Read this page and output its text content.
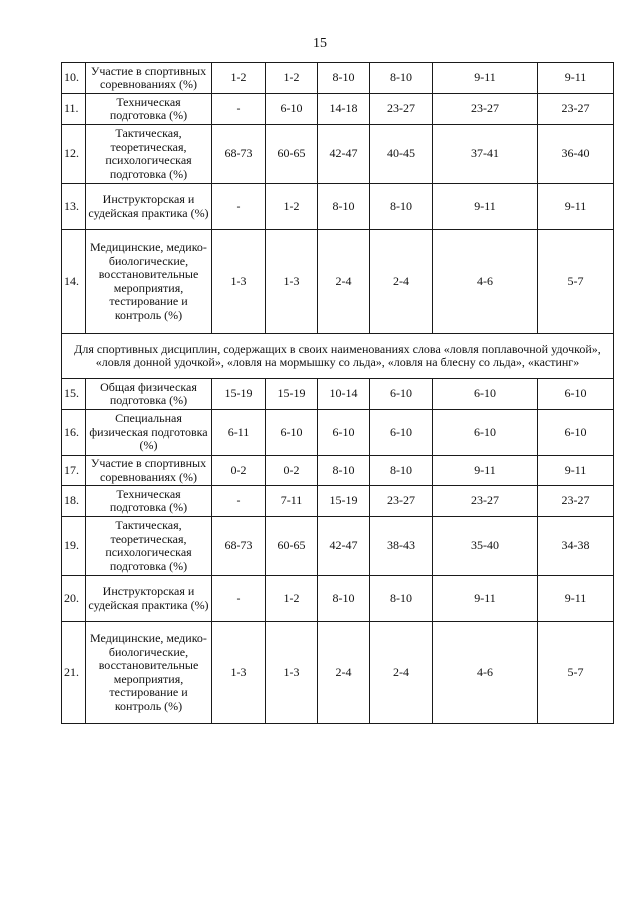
15
10.	Участие в спортивных соревнованиях (%)	1-2	1-2	8-10	8-10	9-11	9-11
11.	Техническая подготовка (%)	-	6-10	14-18	23-27	23-27	23-27
12.	Тактическая, теоретическая, психологическая подготовка (%)	68-73	60-65	42-47	40-45	37-41	36-40
13.	Инструкторская и судейская практика (%)	-	1-2	8-10	8-10	9-11	9-11
14.	Медицинские, медико-биологические, восстановительные мероприятия, тестирование и контроль (%)	1-3	1-3	2-4	2-4	4-6	5-7
Для спортивных дисциплин, содержащих в своих наименованиях слова «ловля поплавочной удочкой», «ловля донной удочкой», «ловля на мормышку со льда», «ловля на блесну со льда», «кастинг»							
15.	Общая физическая подготовка (%)	15-19	15-19	10-14	6-10	6-10	6-10
16.	Специальная физическая подготовка (%)	6-11	6-10	6-10	6-10	6-10	6-10
17.	Участие в спортивных соревнованиях (%)	0-2	0-2	8-10	8-10	9-11	9-11
18.	Техническая подготовка (%)	-	7-11	15-19	23-27	23-27	23-27
19.	Тактическая, теоретическая, психологическая подготовка (%)	68-73	60-65	42-47	38-43	35-40	34-38
20.	Инструкторская и судейская практика (%)	-	1-2	8-10	8-10	9-11	9-11
21.	Медицинские, медико-биологические, восстановительные мероприятия, тестирование и контроль (%)	1-3	1-3	2-4	2-4	4-6	5-7
